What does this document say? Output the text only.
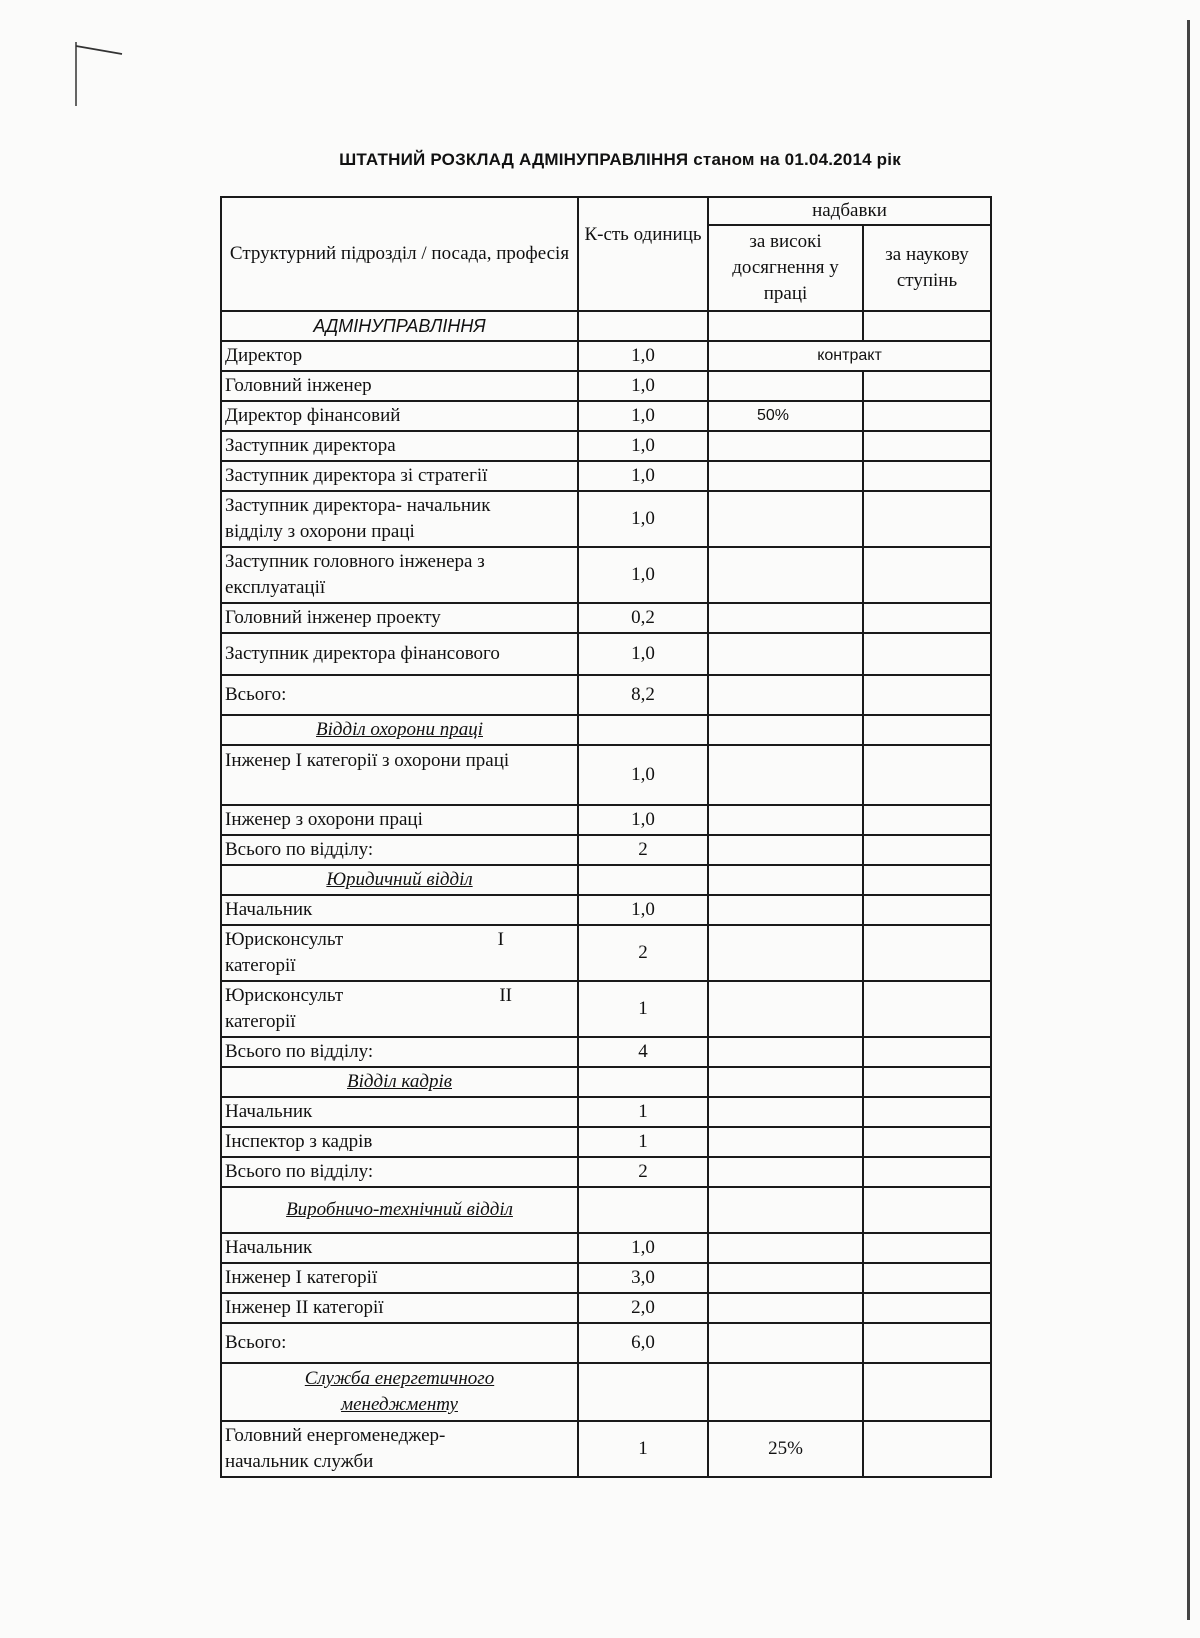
ШТАТНИЙ РОЗКЛАД АДМІНУПРАВЛІННЯ станом на 01.04.2014 рік
Структурний підрозділ / посада, професія	К-сть одиниць	надбавки	
		за високі досягнення у праці	за наукову ступінь
АДМІНУПРАВЛІННЯ			
Директор	1,0	контракт	
Головний інженер	1,0		
Директор фінансовий	1,0	50%	
Заступник директора	1,0		
Заступник директора зі стратегії	1,0		

Заступник директора- начальник
відділу з охорони праці	1,0		

Заступник головного інженера з
експлуатації	1,0		
Головний інженер проекту	0,2		
Заступник директора фінансового	1,0		
Всього:	8,2		
Відділ охорони праці			
Інженер І категорії з охорони праці	1,0		
Інженер з охорони праці	1,0		
Всього по відділу:	2		
Юридичний відділ			
Начальник	1,0		

Юрисконсульт І
категорії	2		

Юрисконсульт ІІ
категорії	1		
Всього по відділу:	4		
Відділ кадрів			
Начальник	1		
Інспектор з кадрів	1		
Всього по відділу:	2		
Виробничо-технічний відділ			
Начальник	1,0		
Інженер І категорії	3,0		
Інженер ІІ категорії	2,0		
Всього:	6,0		

Служба енергетичного
менеджменту			

Головний енергоменеджер-
начальник служби	1	25%	
